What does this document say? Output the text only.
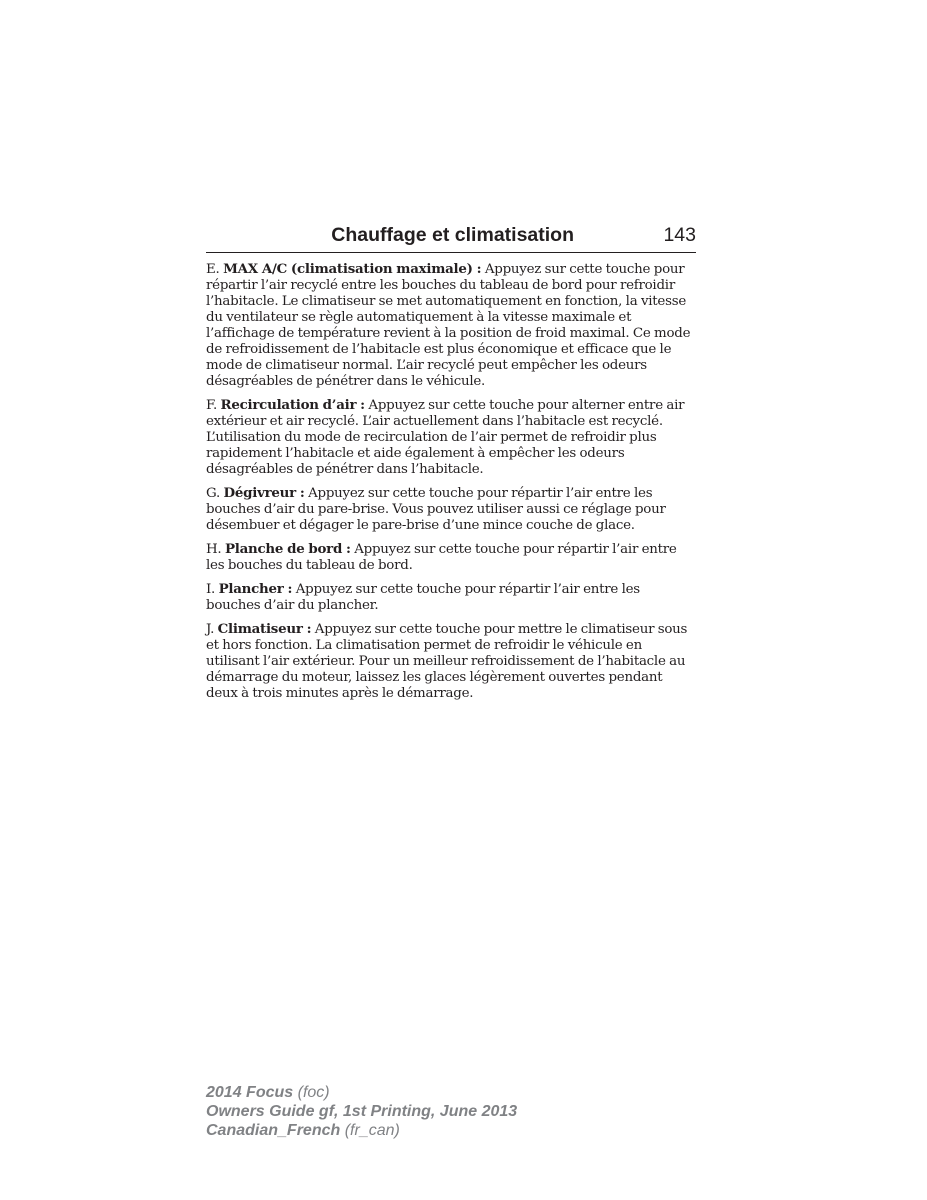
Chauffage et climatisation	143

E. MAX A/C (climatisation maximale) : Appuyez sur cette touche pour répartir l’air recyclé entre les bouches du tableau de bord pour refroidir l’habitacle. Le climatiseur se met automatiquement en fonction, la vitesse du ventilateur se règle automatiquement à la vitesse maximale et l’affichage de température revient à la position de froid maximal. Ce mode de refroidissement de l’habitacle est plus économique et efficace que le mode de climatiseur normal. L’air recyclé peut empêcher les odeurs désagréables de pénétrer dans le véhicule.

F. Recirculation d’air : Appuyez sur cette touche pour alterner entre air extérieur et air recyclé. L’air actuellement dans l’habitacle est recyclé. L’utilisation du mode de recirculation de l’air permet de refroidir plus rapidement l’habitacle et aide également à empêcher les odeurs désagréables de pénétrer dans l’habitacle.

G. Dégivreur : Appuyez sur cette touche pour répartir l’air entre les bouches d’air du pare-brise. Vous pouvez utiliser aussi ce réglage pour désembuer et dégager le pare-brise d’une mince couche de glace.

H. Planche de bord : Appuyez sur cette touche pour répartir l’air entre les bouches du tableau de bord.

I. Plancher : Appuyez sur cette touche pour répartir l’air entre les bouches d’air du plancher.

J. Climatiseur : Appuyez sur cette touche pour mettre le climatiseur sous et hors fonction. La climatisation permet de refroidir le véhicule en utilisant l’air extérieur. Pour un meilleur refroidissement de l’habitacle au démarrage du moteur, laissez les glaces légèrement ouvertes pendant deux à trois minutes après le démarrage.

2014 Focus (foc)
Owners Guide gf, 1st Printing, June 2013
Canadian_French (fr_can)
